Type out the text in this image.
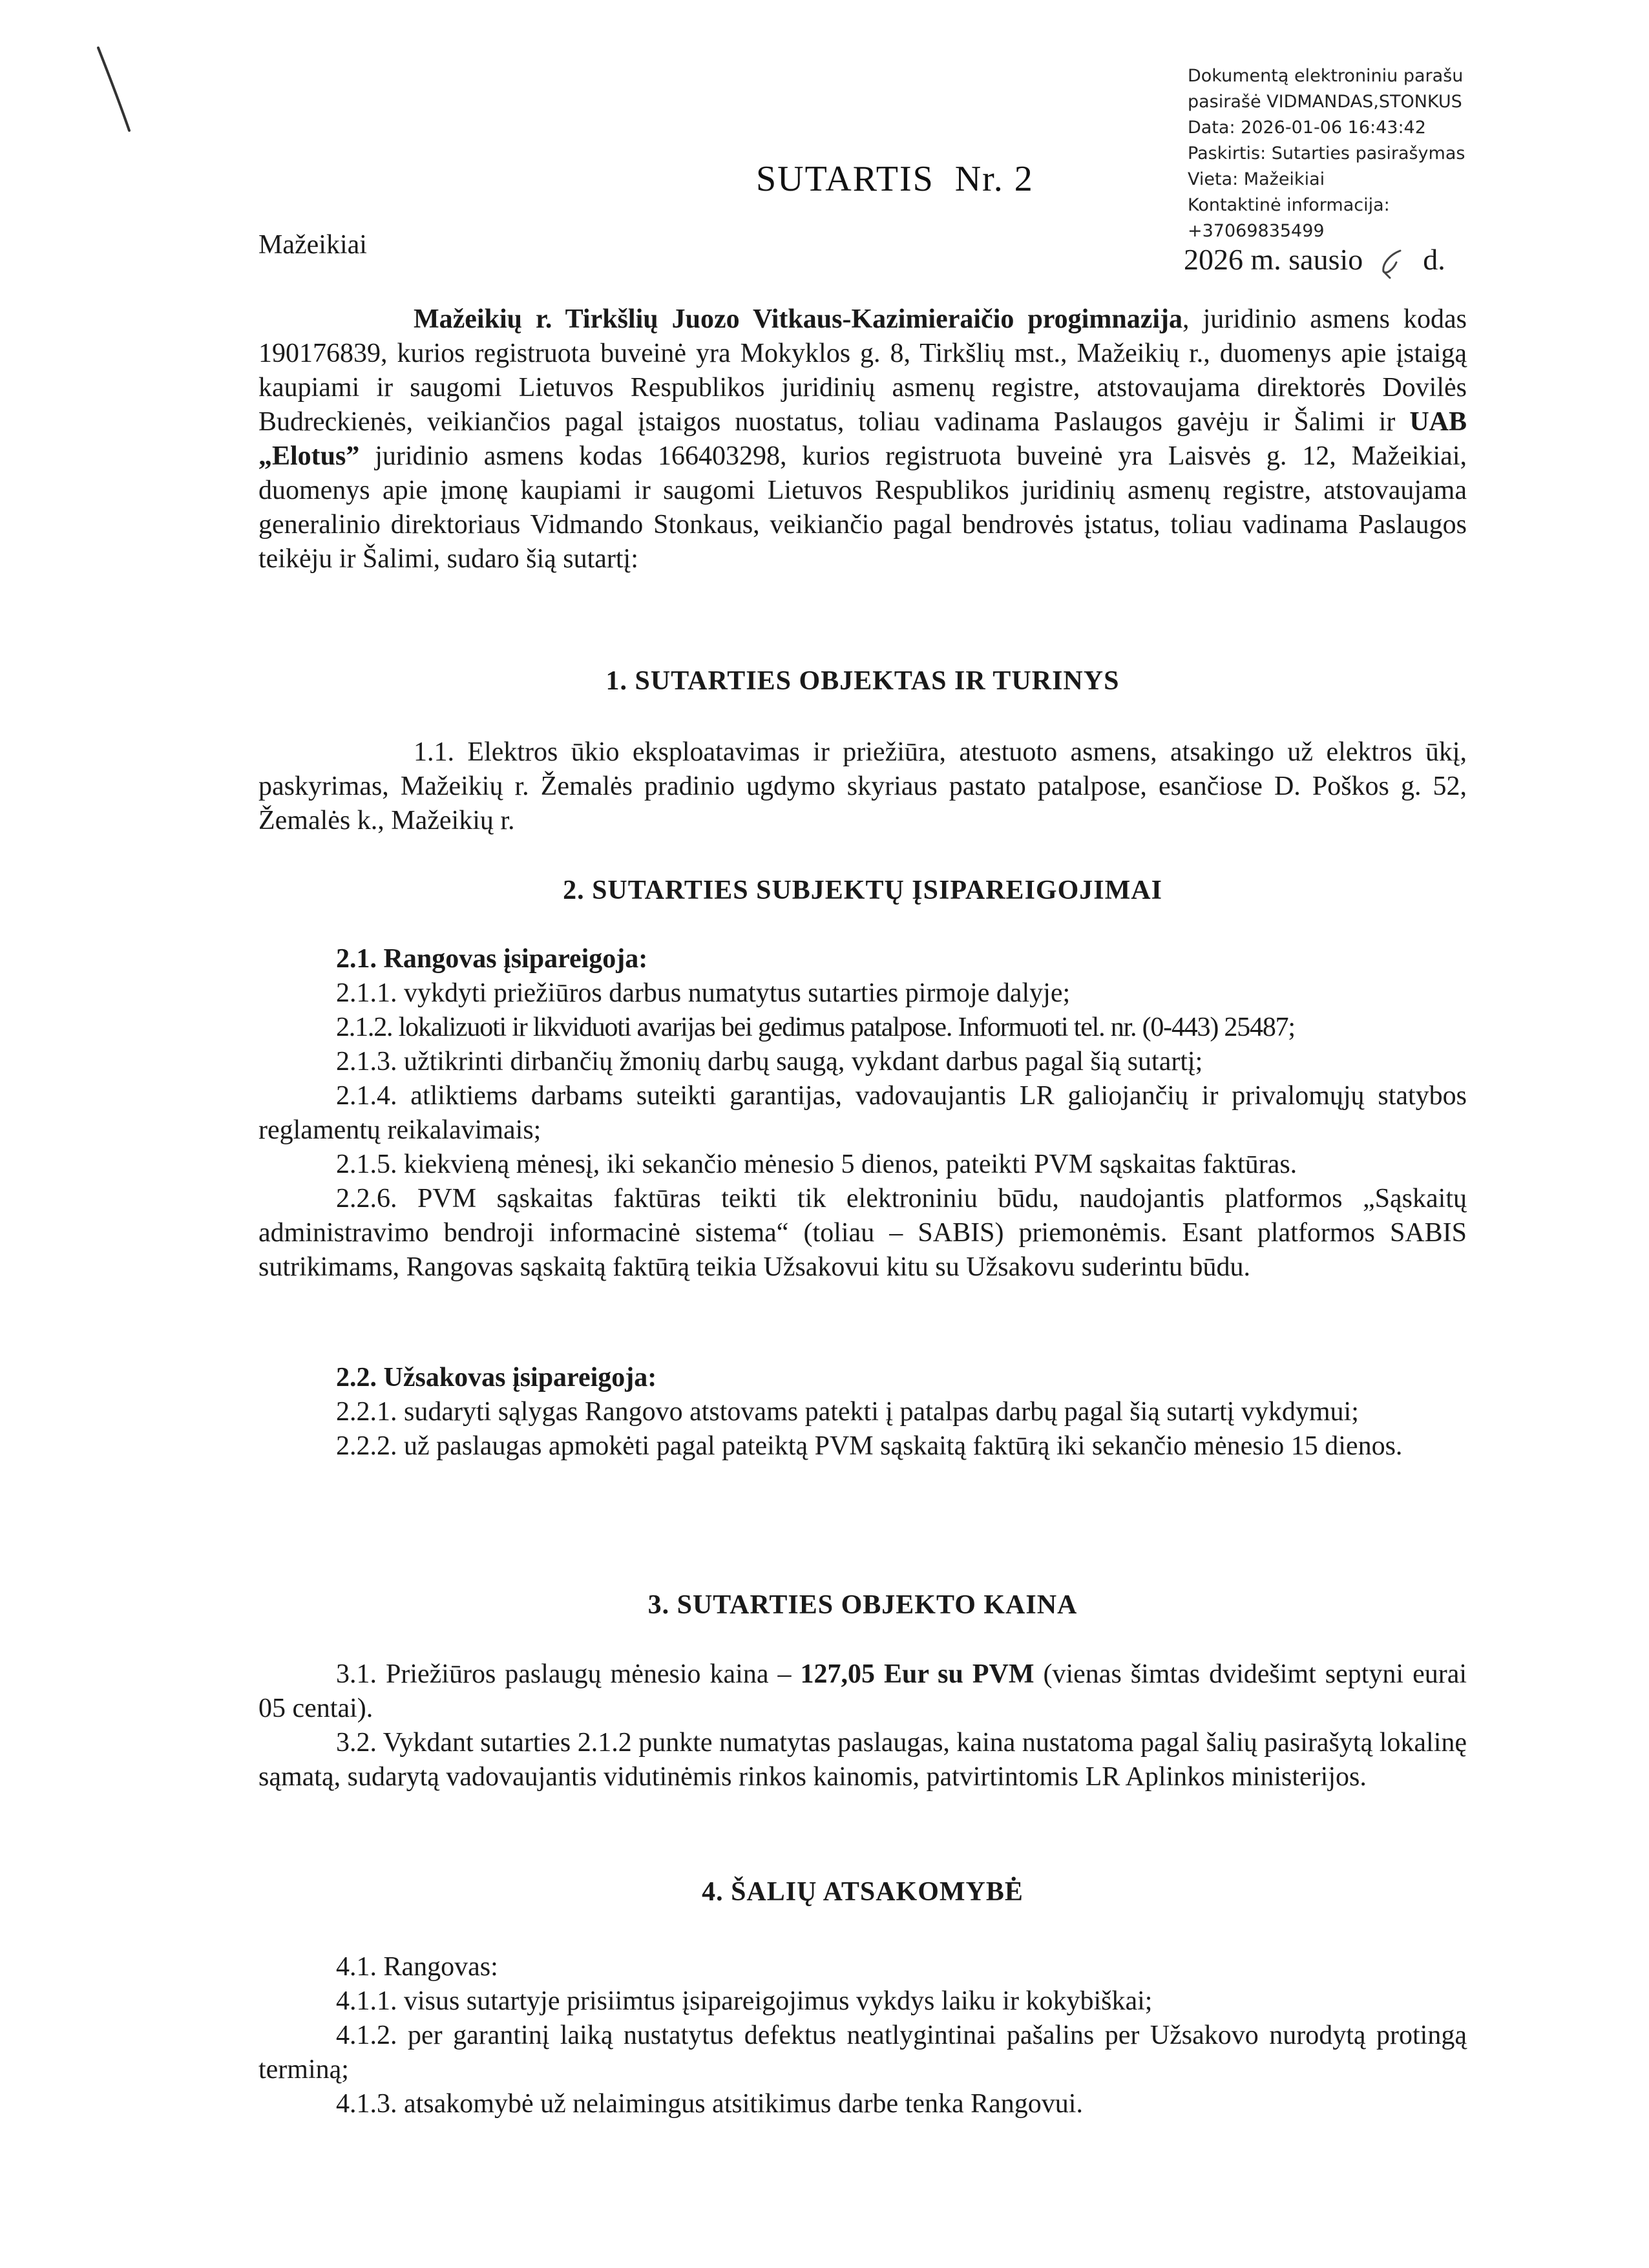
Dokumentą elektroniniu parašu
pasirašė VIDMANDAS,STONKUS
Data: 2026-01-06 16:43:42
Paskirtis: Sutarties pasirašymas
Vieta: Mažeikiai
Kontaktinė informacija:
+37069835499
SUTARTIS  Nr. 2
Mažeikiai	2026 m. sausio d.

Mažeikių r. Tirkšlių Juozo Vitkaus-Kazimieraičio progimnazija, juridinio asmens kodas 190176839, kurios registruota buveinė yra Mokyklos g. 8, Tirkšlių mst., Mažeikių r., duomenys apie įstaigą kaupiami ir saugomi Lietuvos Respublikos juridinių asmenų registre, atstovaujama direktorės Dovilės Budreckienės, veikiančios pagal įstaigos nuostatus, toliau vadinama Paslaugos gavėju ir Šalimi ir UAB „Elotus” juridinio asmens kodas 166403298, kurios registruota buveinė yra Laisvės g. 12, Mažeikiai, duomenys apie įmonę kaupiami ir saugomi Lietuvos Respublikos juridinių asmenų registre, atstovaujama generalinio direktoriaus Vidmando Stonkaus, veikiančio pagal bendrovės įstatus, toliau vadinama Paslaugos teikėju ir Šalimi, sudaro šią sutartį:

1. SUTARTIES OBJEKTAS IR TURINYS

1.1. Elektros ūkio eksploatavimas ir priežiūra, atestuoto asmens, atsakingo už elektros ūkį, paskyrimas, Mažeikių r. Žemalės pradinio ugdymo skyriaus pastato patalpose, esančiose D. Poškos g. 52, Žemalės k., Mažeikių r.

2. SUTARTIES SUBJEKTŲ ĮSIPAREIGOJIMAI
2.1. Rangovas įsipareigoja:
2.1.1. vykdyti priežiūros darbus numatytus sutarties pirmoje dalyje;
2.1.2. lokalizuoti ir likviduoti avarijas bei gedimus patalpose. Informuoti tel. nr. (0-443) 25487;
2.1.3. užtikrinti dirbančių žmonių darbų saugą, vykdant darbus pagal šią sutartį;

2.1.4. atliktiems darbams suteikti garantijas, vadovaujantis LR galiojančių ir privalomųjų statybos reglamentų reikalavimais;

2.1.5. kiekvieną mėnesį, iki sekančio mėnesio 5 dienos, pateikti PVM sąskaitas faktūras.

2.2.6. PVM sąskaitas faktūras teikti tik elektroniniu būdu, naudojantis platformos „Sąskaitų administravimo bendroji informacinė sistema“ (toliau – SABIS) priemonėmis. Esant platformos SABIS sutrikimams, Rangovas sąskaitą faktūrą teikia Užsakovui kitu su Užsakovu suderintu būdu.

2.2. Užsakovas įsipareigoja:

2.2.1. sudaryti sąlygas Rangovo atstovams patekti į patalpas darbų pagal šią sutartį vykdymui;

2.2.2. už paslaugas apmokėti pagal pateiktą PVM sąskaitą faktūrą iki sekančio mėnesio 15 dienos.

3. SUTARTIES OBJEKTO KAINA

3.1. Priežiūros paslaugų mėnesio kaina – 127,05 Eur su PVM (vienas šimtas dvidešimt septyni eurai 05 centai).

3.2. Vykdant sutarties 2.1.2 punkte numatytas paslaugas, kaina nustatoma pagal šalių pasirašytą lokalinę sąmatą, sudarytą vadovaujantis vidutinėmis rinkos kainomis, patvirtintomis LR Aplinkos ministerijos.

4. ŠALIŲ ATSAKOMYBĖ
4.1. Rangovas:
4.1.1. visus sutartyje prisiimtus įsipareigojimus vykdys laiku ir kokybiškai;

4.1.2. per garantinį laiką nustatytus defektus neatlygintinai pašalins per Užsakovo nurodytą protingą terminą;

4.1.3. atsakomybė už nelaimingus atsitikimus darbe tenka Rangovui.
